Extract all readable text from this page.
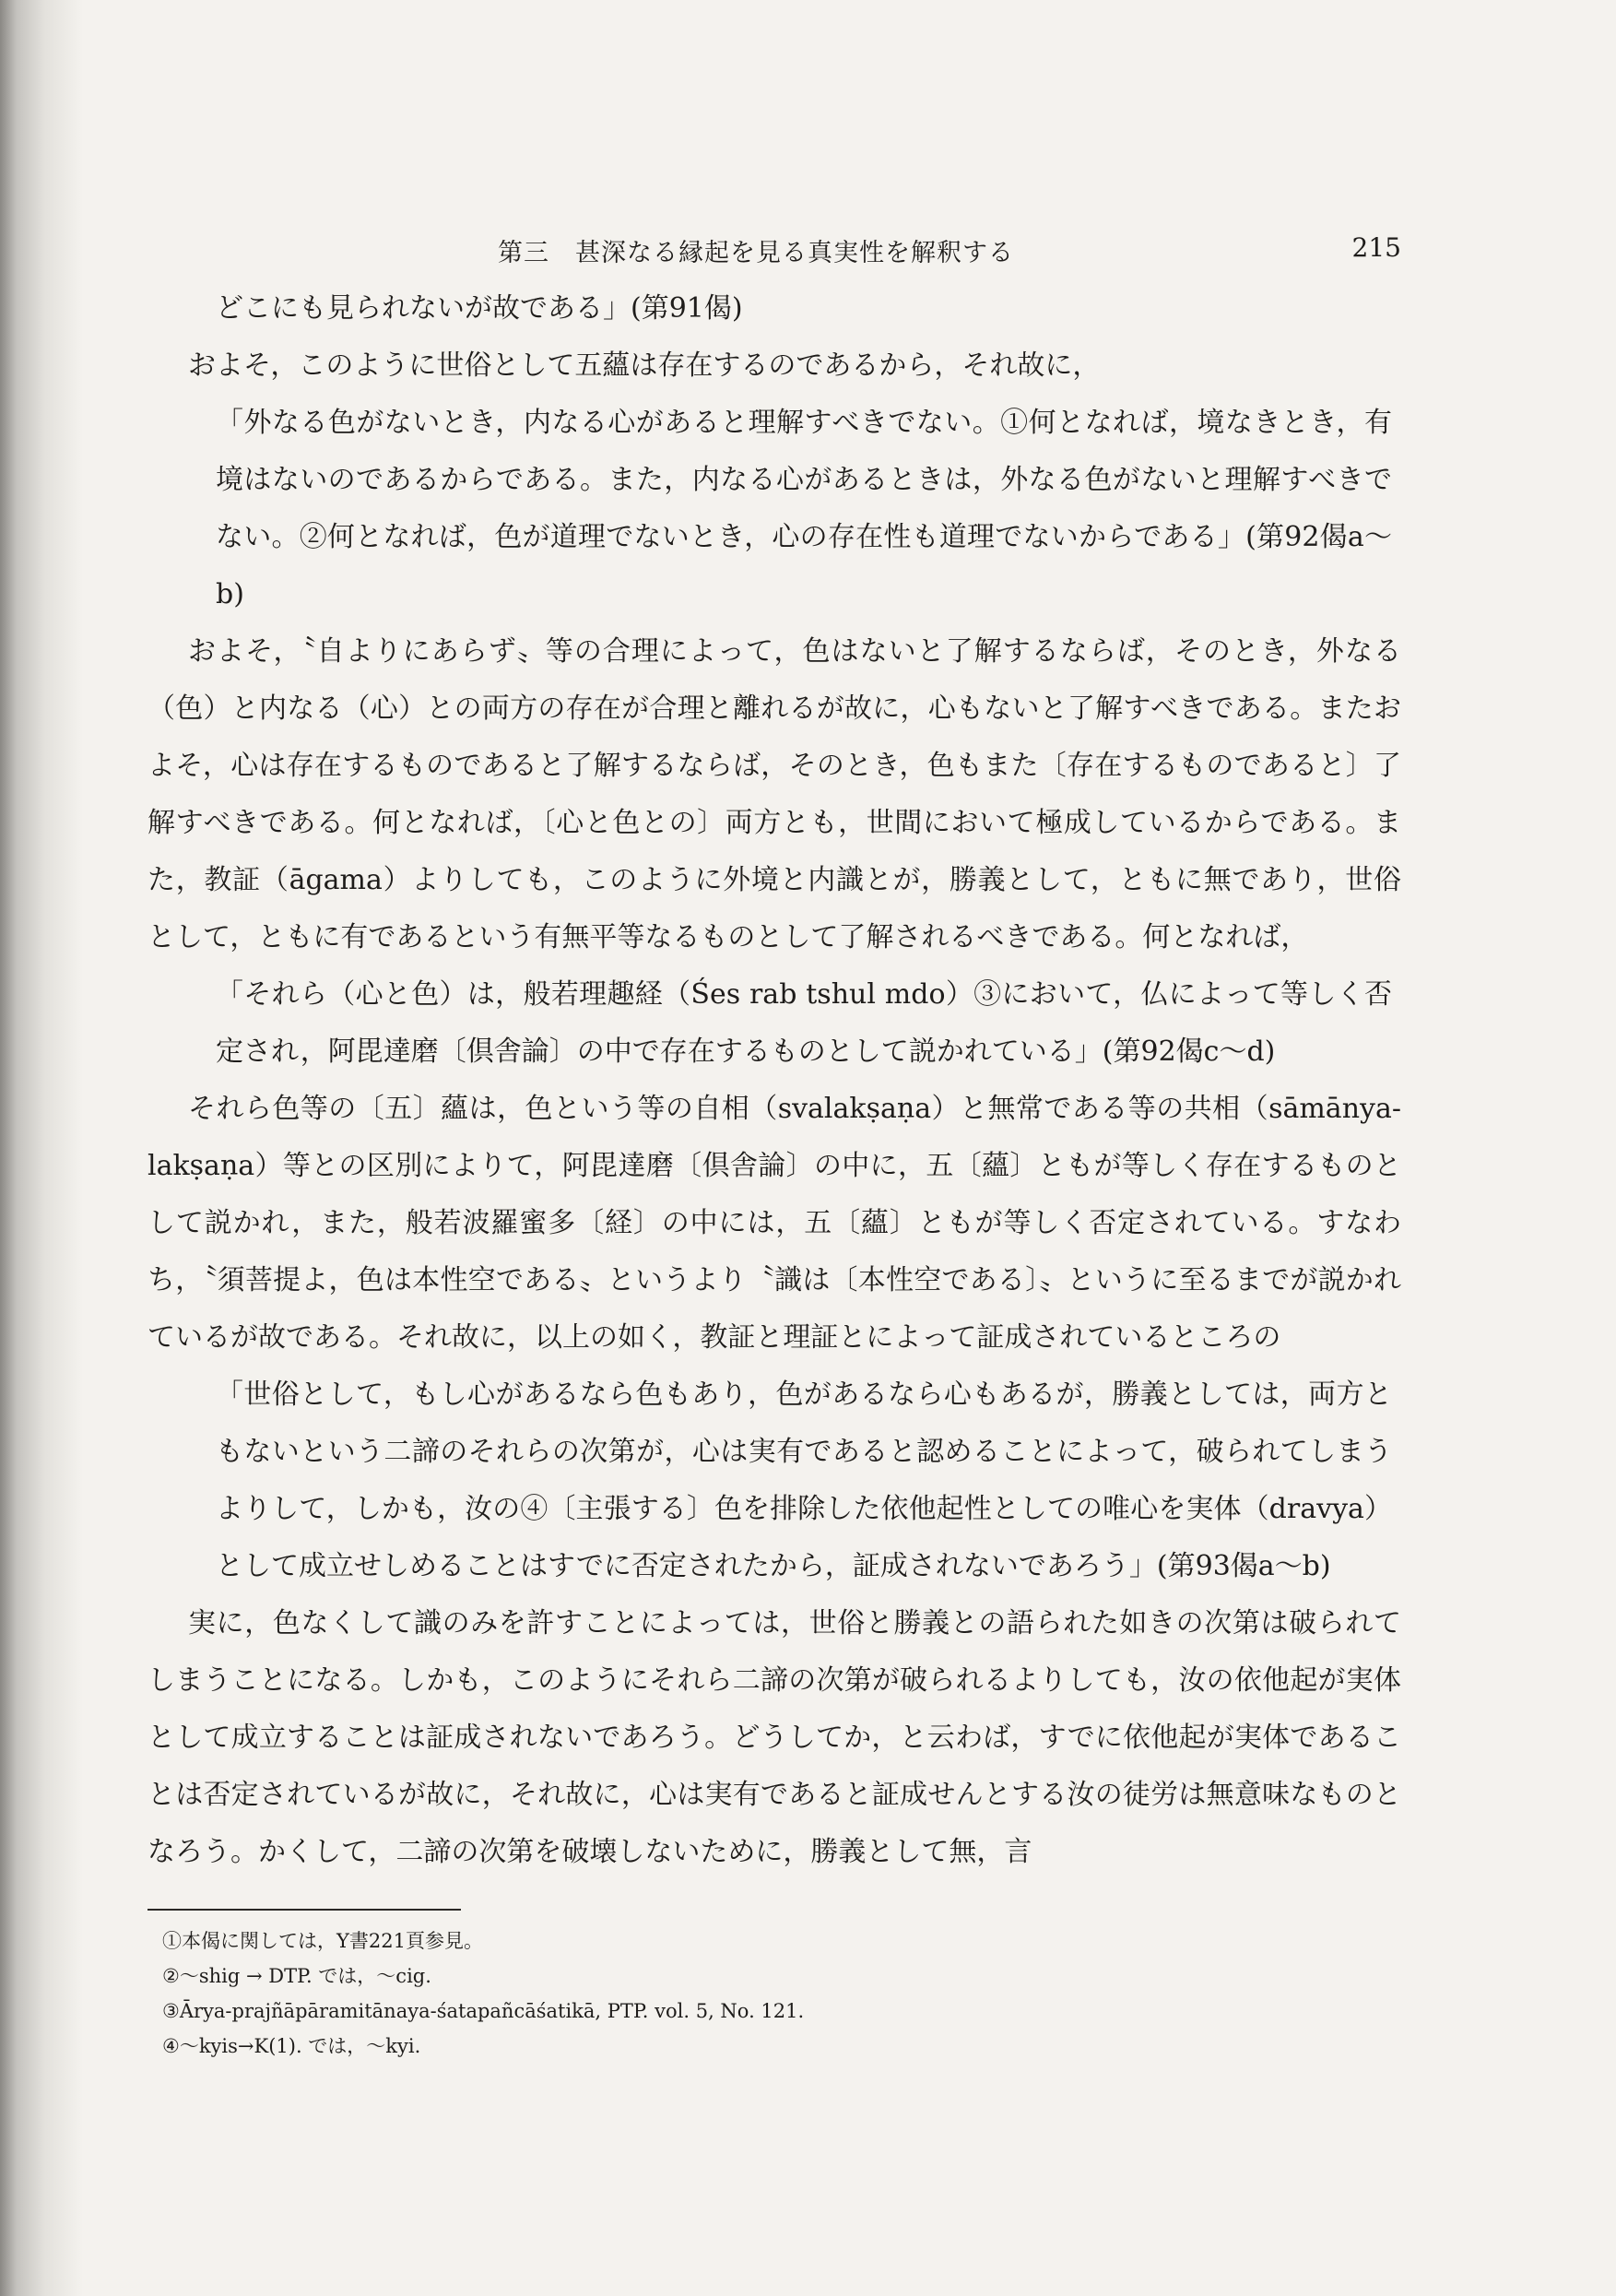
第三　甚深なる縁起を見る真実性を解釈する	215

どこにも見られないが故である」(第91偈)

およそ，このように世俗として五蘊は存在するのであるから，それ故に，

「外なる色がないとき，内なる心があると理解すべきでない。①何となれば，境なきとき，有境はないのであるからである。また，内なる心があるときは，外なる色がないと理解すべきでない。②何となれば，色が道理でないとき，心の存在性も道理でないからである」(第92偈a～b)

およそ，〝自よりにあらず〟等の合理によって，色はないと了解するならば，そのとき，外なる（色）と内なる（心）との両方の存在が合理と離れるが故に，心もないと了解すべきである。またおよそ，心は存在するものであると了解するならば，そのとき，色もまた〔存在するものであると〕了解すべきである。何となれば，〔心と色との〕両方とも，世間において極成しているからである。また，教証（āgama）よりしても，このように外境と内識とが，勝義として，ともに無であり，世俗として，ともに有であるという有無平等なるものとして了解されるべきである。何となれば，

「それら（心と色）は，般若理趣経（Śes rab tshul mdo）③において，仏によって等しく否定され，阿毘達磨〔倶舎論〕の中で存在するものとして説かれている」(第92偈c～d)

それら色等の〔五〕蘊は，色という等の自相（svalakṣaṇa）と無常である等の共相（sāmānya-lakṣaṇa）等との区別によりて，阿毘達磨〔倶舎論〕の中に，五〔蘊〕ともが等しく存在するものとして説かれ，また，般若波羅蜜多〔経〕の中には，五〔蘊〕ともが等しく否定されている。すなわち，〝須菩提よ，色は本性空である〟というより〝識は〔本性空である〕〟というに至るまでが説かれているが故である。それ故に，以上の如く，教証と理証とによって証成されているところの

「世俗として，もし心があるなら色もあり，色があるなら心もあるが，勝義としては，両方ともないという二諦のそれらの次第が，心は実有であると認めることによって，破られてしまうよりして，しかも，汝の④〔主張する〕色を排除した依他起性としての唯心を実体（dravya）として成立せしめることはすでに否定されたから，証成されないであろう」(第93偈a～b)

実に，色なくして識のみを許すことによっては，世俗と勝義との語られた如きの次第は破られてしまうことになる。しかも，このようにそれら二諦の次第が破られるよりしても，汝の依他起が実体として成立することは証成されないであろう。どうしてか，と云わば，すでに依他起が実体であることは否定されているが故に，それ故に，心は実有であると証成せんとする汝の徒労は無意味なものとなろう。かくして，二諦の次第を破壊しないために，勝義として無，言

①本偈に関しては，Y書221頁参見。

②～shig → DTP. では，～cig.

③Ārya-prajñāpāramitānaya-śatapañcāśatikā, PTP. vol. 5, No. 121.

④～kyis→K(1). では，～kyi.
